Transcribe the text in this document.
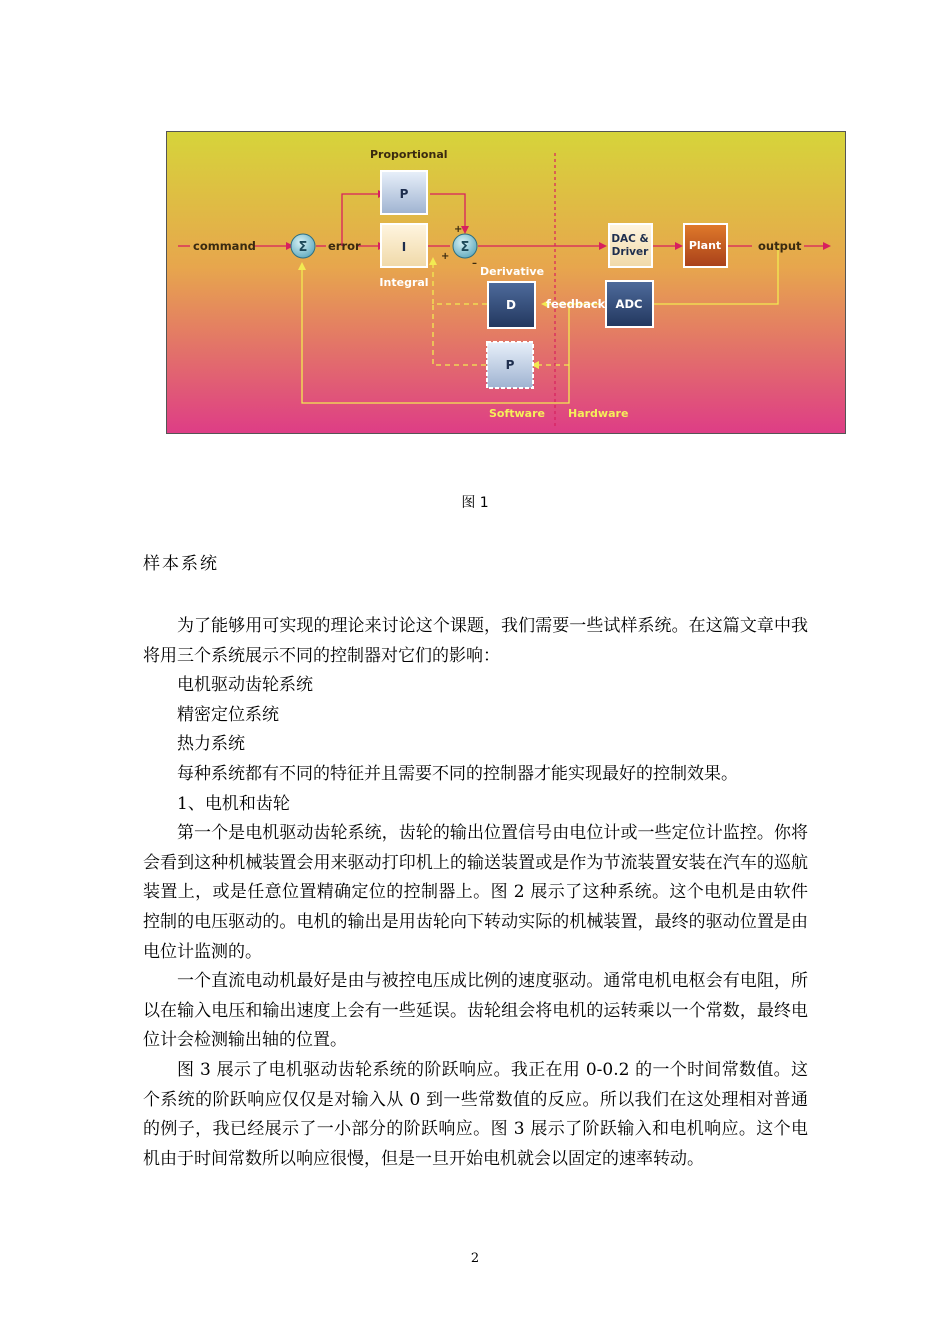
Σ	Σ
command	error
Proportional
P
I
Integral
Derivative
D	feedback
P
DAC &
Driver	Plant	output
ADC
Software Hardware
+
+
–
图 1
样本系统

为了能够用可实现的理论来讨论这个课题，我们需要一些试样系统。在这篇文章中我将用三个系统展示不同的控制器对它们的影响：

电机驱动齿轮系统

精密定位系统

热力系统

每种系统都有不同的特征并且需要不同的控制器才能实现最好的控制效果。

1、电机和齿轮

第一个是电机驱动齿轮系统，齿轮的输出位置信号由电位计或一些定位计监控。你将会看到这种机械装置会用来驱动打印机上的输送装置或是作为节流装置安装在汽车的巡航装置上，或是任意位置精确定位的控制器上。图 2 展示了这种系统。这个电机是由软件控制的电压驱动的。电机的输出是用齿轮向下转动实际的机械装置，最终的驱动位置是由电位计监测的。

一个直流电动机最好是由与被控电压成比例的速度驱动。通常电机电枢会有电阻，所以在输入电压和输出速度上会有一些延误。齿轮组会将电机的运转乘以一个常数，最终电位计会检测输出轴的位置。

图 3 展示了电机驱动齿轮系统的阶跃响应。我正在用 0-0.2 的一个时间常数值。这个系统的阶跃响应仅仅是对输入从 0 到一些常数值的反应。所以我们在这处理相对普通的例子，我已经展示了一小部分的阶跃响应。图 3 展示了阶跃输入和电机响应。这个电机由于时间常数所以响应很慢，但是一旦开始电机就会以固定的速率转动。

2
